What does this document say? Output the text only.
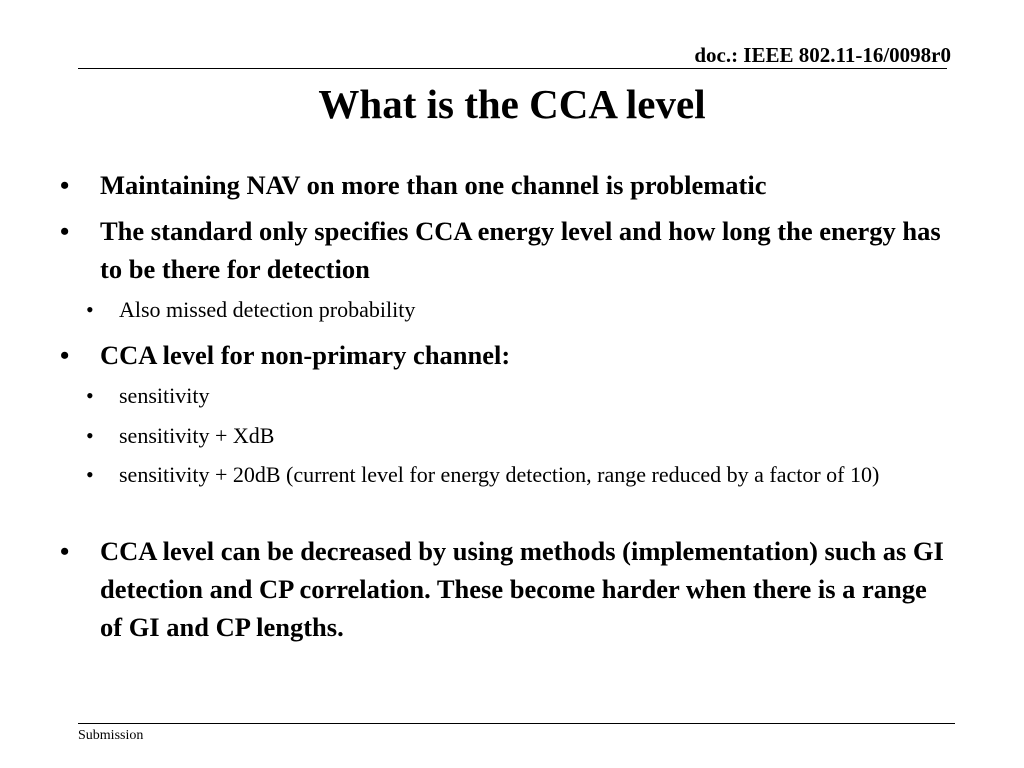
doc.: IEEE 802.11-16/0098r0
What is the CCA level

•	Maintaining NAV on more than one channel is problematic

•	The standard only specifies CCA energy level and how long the energy has to be there for detection

•	Also missed detection probability

•	CCA level for non-primary channel:

•	sensitivity

•	sensitivity + XdB

•	sensitivity + 20dB (current level for energy detection, range reduced by a factor of 10)

•	CCA level can be decreased by using methods (implementation) such as GI detection and CP correlation. These become harder when there is a range of GI and CP lengths.

Submission
